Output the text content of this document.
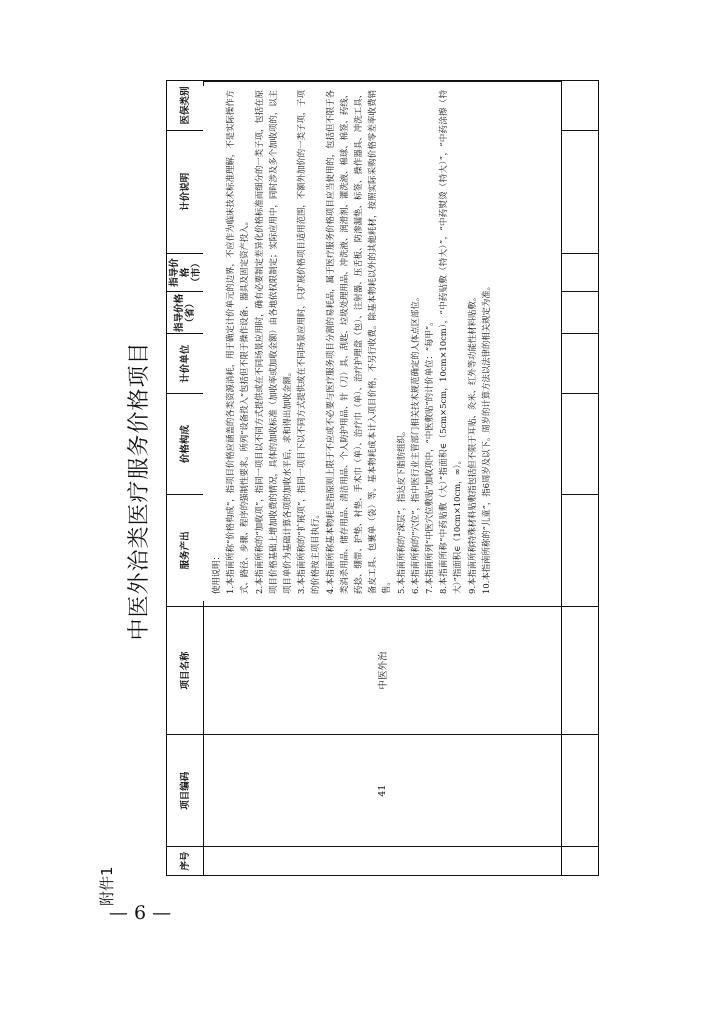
— 6 —
附件1
中医外治类医疗服务价格项目
序号
项目编码
项目名称
服务产出
价格构成
计价单位
指导价格
（省）
指导价格
（市）
计价说明
医保类别
41
中医外治

使用说明： 1.本指南所称“价格构成”，指项目价格应涵盖的各类资源消耗，用于确定计价单元的边界，不应作为临床技术标准理解，不是实际操作方式、路径、步骤、程序的强制性要求。所列“设备投入”包括但不限于操作设备、器具及固定资产投入。 2.本指南所称的“加收项”，指同一项目以不同方式提供或在不同场景应用时，确有必要制定差异化价格标准而细分的一类子项，包括在原项目价格基础上增加收费的情况，具体的加收标准（加收率或加收金额）由各地依权限制定；实际应用中，同时涉及多个加收项的，以主项目单价为基础计算各项的加收水平后，求和得出加收金额。 3.本指南所称的“扩展项”，指同一项目下以不同方式提供或在不同场景应用时，只扩展价格项目适用范围，不额外加价的一类子项，子项的价格按主项目执行。 4.本指南所称基本物耗是指原则上限于不应或不必要与医疗服务项目分割的易耗品，属于医疗服务价格项目应当使用的，包括但不限于各类消杀用品、储存用品、清洁用品、个人防护用品、针（刀）具、刮匙、垃圾处理用品、冲洗液、润滑剂、灌洗液、棉球、棉签、药线、药捻、绷带、护垫、衬垫、手术巾（单）、治疗巾（单）、治疗护理盘（包）、注射器、压舌板、防渗漏垫、标签、操作器具、冲洗工具、备皮工具、包裹单（袋）等。基本物耗成本计入项目价格，不另行收费。除基本物耗以外的其他耗材，按照实际采购价格零差率收费销售。 5.本指南所称的“深层”，指达皮下脂肪组织。 6.本指南所称的“穴位”，指中医行业主管部门相关技术规范确定的人体点区部位。 7.本指南所列“中医穴位敷贴”加收项中，“中医敷贴”的计价单位：“每甲”。 8.本指南所称“中药贴敷（大）”指面积∈（5cm×5cm，10cm×10cm），“中药贴敷（特大）”，“中药熨烫（特大）”，“中药涂擦（特大）”指面积∈（10cm×10cm，∞）。 9.本指南所称特殊材料贴敷指包括但不限于耳贴、灸米、红外等功能性材料贴敷。 10.本指南所称的“儿童”，指6周岁及以下。周岁的计算方法以法律的相关规定为准。
